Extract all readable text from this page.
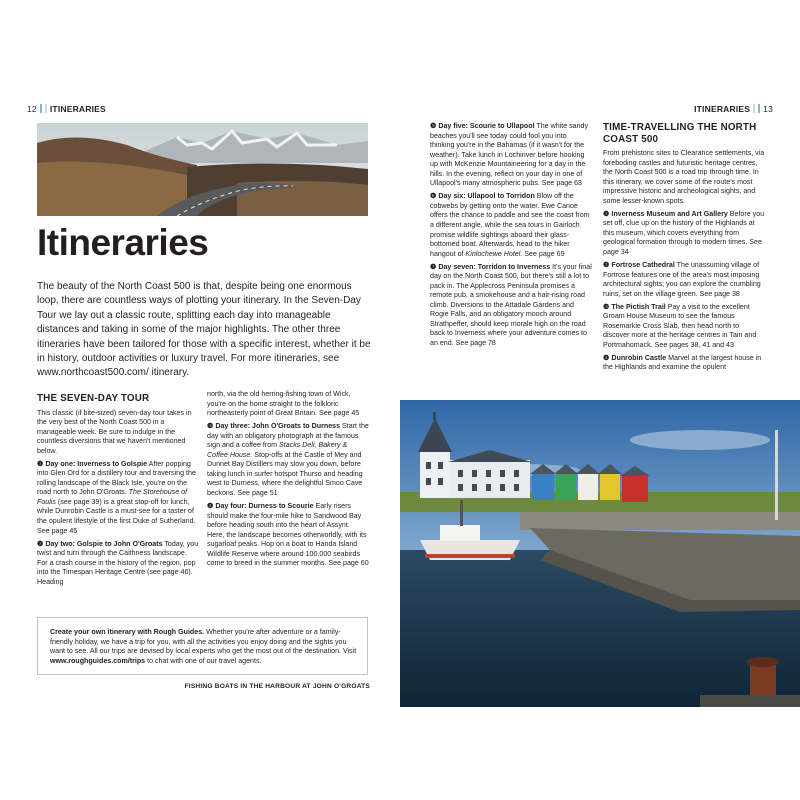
12 ITINERARIES	ITINERARIES 13
Itineraries
The beauty of the North Coast 500 is that, despite being one enormous loop, there are countless ways of plotting your itinerary. In the Seven-Day Tour we lay out a classic route, splitting each day into manageable distances and taking in some of the major highlights. The other three itineraries have been tailored for those with a specific interest, whether it be in history, outdoor activities or luxury travel. For more itineraries, see www.northcoast500.com/ itinerary.
THE SEVEN-DAY TOUR

This classic (if bite-sized) seven-day tour takes in the very best of the North Coast 500 in a manageable week. Be sure to indulge in the countless diversions that we haven't mentioned below.

❶ Day one: Inverness to Golspie After popping into Glen Ord for a distillery tour and traversing the rolling landscape of the Black Isle, you're on the road north to John O'Groats. The Storehouse of Foulis (see page 39) is a great stop-off for lunch, while Dunrobin Castle is a must-see for a taster of the opulent lifestyle of the first Duke of Sutherland. See page 45

❷ Day two: Golspie to John O'Groats Today, you twist and turn through the Caithness landscape. For a crash course in the history of the region, pop into the Timespan Heritage Centre (see page 46). Heading

north, via the old herring-fishing town of Wick, you're on the home straight to the folkloric northeasterly point of Great Britain. See page 45

❸ Day three: John O'Groats to Durness Start the day with an obligatory photograph at the famous sign and a coffee from Stacks Deli, Bakery & Coffee House. Stop-offs at the Castle of Mey and Dunnet Bay Distillers may slow you down, before taking lunch in surfer hotspot Thurso and heading west to Durness, where the delightful Smoo Cave beckons. See page 51

❹ Day four: Durness to Scourie Early risers should make the four-mile hike to Sandwood Bay before heading south into the heart of Assynt. Here, the landscape becomes otherworldly, with its sugarloaf peaks. Hop on a boat to Handa Island Wildlife Reserve where around 100,000 seabirds come to breed in the summer months. See page 60

Create your own itinerary with Rough Guides. Whether you're after adventure or a family-friendly holiday, we have a trip for you, with all the activities you enjoy doing and the sights you want to see. All our trips are devised by local experts who get the most out of the destination. Visit www.roughguides.com/trips to chat with one of our travel agents.
FISHING BOATS IN THE HARBOUR AT JOHN O'GROATS

❺ Day five: Scourie to Ullapool The white sandy beaches you'll see today could fool you into thinking you're in the Bahamas (if it wasn't for the weather). Take lunch in Lochinver before hooking up with McKenzie Mountaineering for a day in the hills. In the evening, reflect on your day in one of Ullapool's many atmospheric pubs. See page 63

❻ Day six: Ullapool to Torridon Blow off the cobwebs by getting onto the water. Ewe Canoe offers the chance to paddle and see the coast from a different angle, while the sea tours in Gairloch promise wildlife sightings aboard their glass-bottomed boat. Afterwards, head to the hiker hangout of Kinlochewe Hotel. See page 69

❼ Day seven: Torridon to Inverness It's your final day on the North Coast 500, but there's still a lot to pack in. The Applecross Peninsula promises a remote pub, a smokehouse and a hair-rising road climb. Diversions to the Attadale Gardens and Rogie Falls, and an obligatory mooch around Strathpeffer, should keep morale high on the road back to Inverness where your adventure comes to an end. See page 78

TIME-TRAVELLING THE NORTH COAST 500

From prehistoric sites to Clearance settlements, via foreboding castles and futuristic heritage centres, the North Coast 500 is a road trip through time. In this itinerary, we cover some of the route's most impressive historic and archeological sights, and some lesser-known spots.

❶ Inverness Museum and Art Gallery Before you set off, clue up on the history of the Highlands at this museum, which covers everything from geological formation through to modern times. See page 34

❷ Fortrose Cathedral The unassuming village of Fortrose features one of the area's most imposing architectural sights; you can explore the crumbling ruins, set on the village green. See page 38

❸ The Pictish Trail Pay a visit to the excellent Groam House Museum to see the famous Rosemarkie Cross Slab, then head north to discover more at the heritage centres in Tain and Portmahomack. See pages 38, 41 and 43

❹ Dunrobin Castle Marvel at the largest house in the Highlands and examine the opulent
